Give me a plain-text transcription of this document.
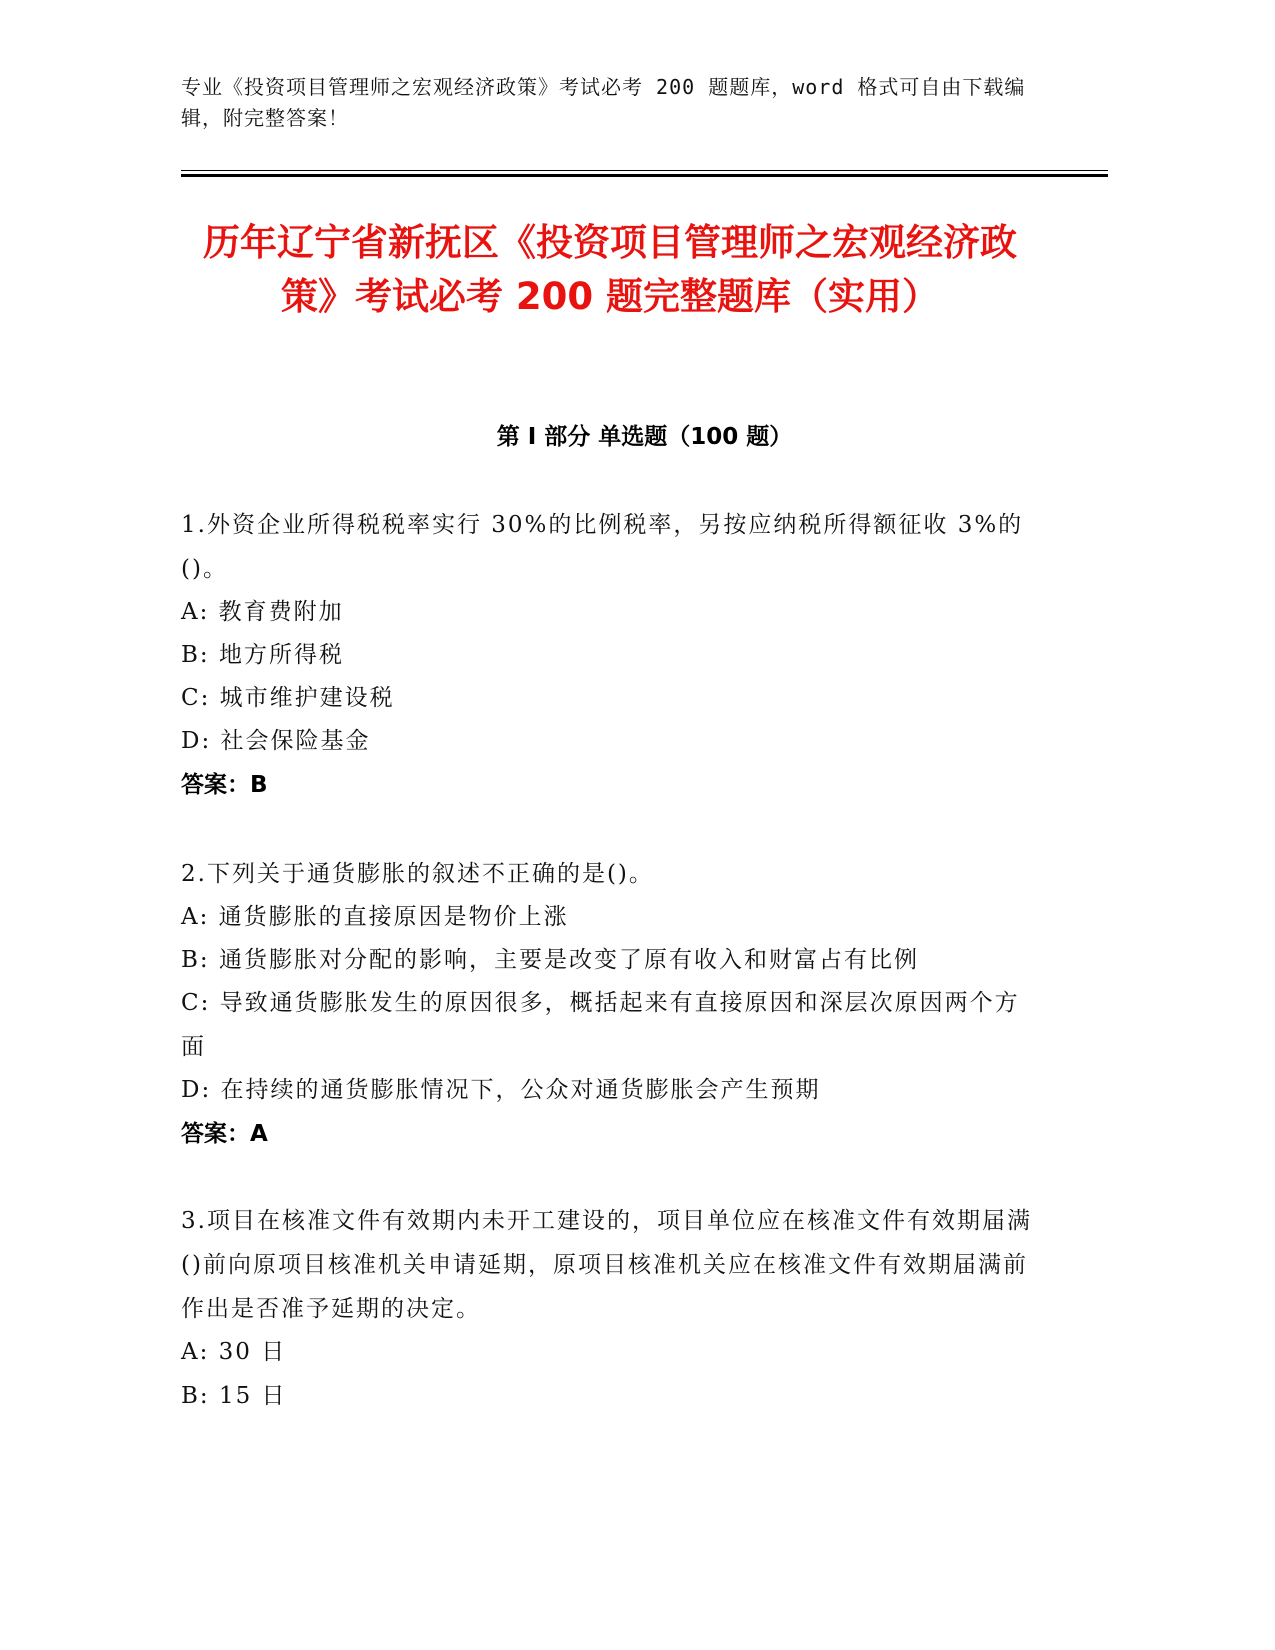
专业《投资项目管理师之宏观经济政策》考试必考 200 题题库，word 格式可自由下载编辑，附完整答案！
历年辽宁省新抚区《投资项目管理师之宏观经济政策》考试必考 200 题完整题库（实用）
第 I 部分 单选题（100 题）
1.外资企业所得税税率实行 30%的比例税率，另按应纳税所得额征收 3%的()。
A: 教育费附加
B: 地方所得税
C: 城市维护建设税
D: 社会保险基金
答案：B
2.下列关于通货膨胀的叙述不正确的是()。
A: 通货膨胀的直接原因是物价上涨
B: 通货膨胀对分配的影响，主要是改变了原有收入和财富占有比例
C: 导致通货膨胀发生的原因很多，概括起来有直接原因和深层次原因两个方面
D: 在持续的通货膨胀情况下，公众对通货膨胀会产生预期
答案：A
3.项目在核准文件有效期内未开工建设的，项目单位应在核准文件有效期届满()前向原项目核准机关申请延期，原项目核准机关应在核准文件有效期届满前作出是否准予延期的决定。
A: 30 日
B: 15 日
